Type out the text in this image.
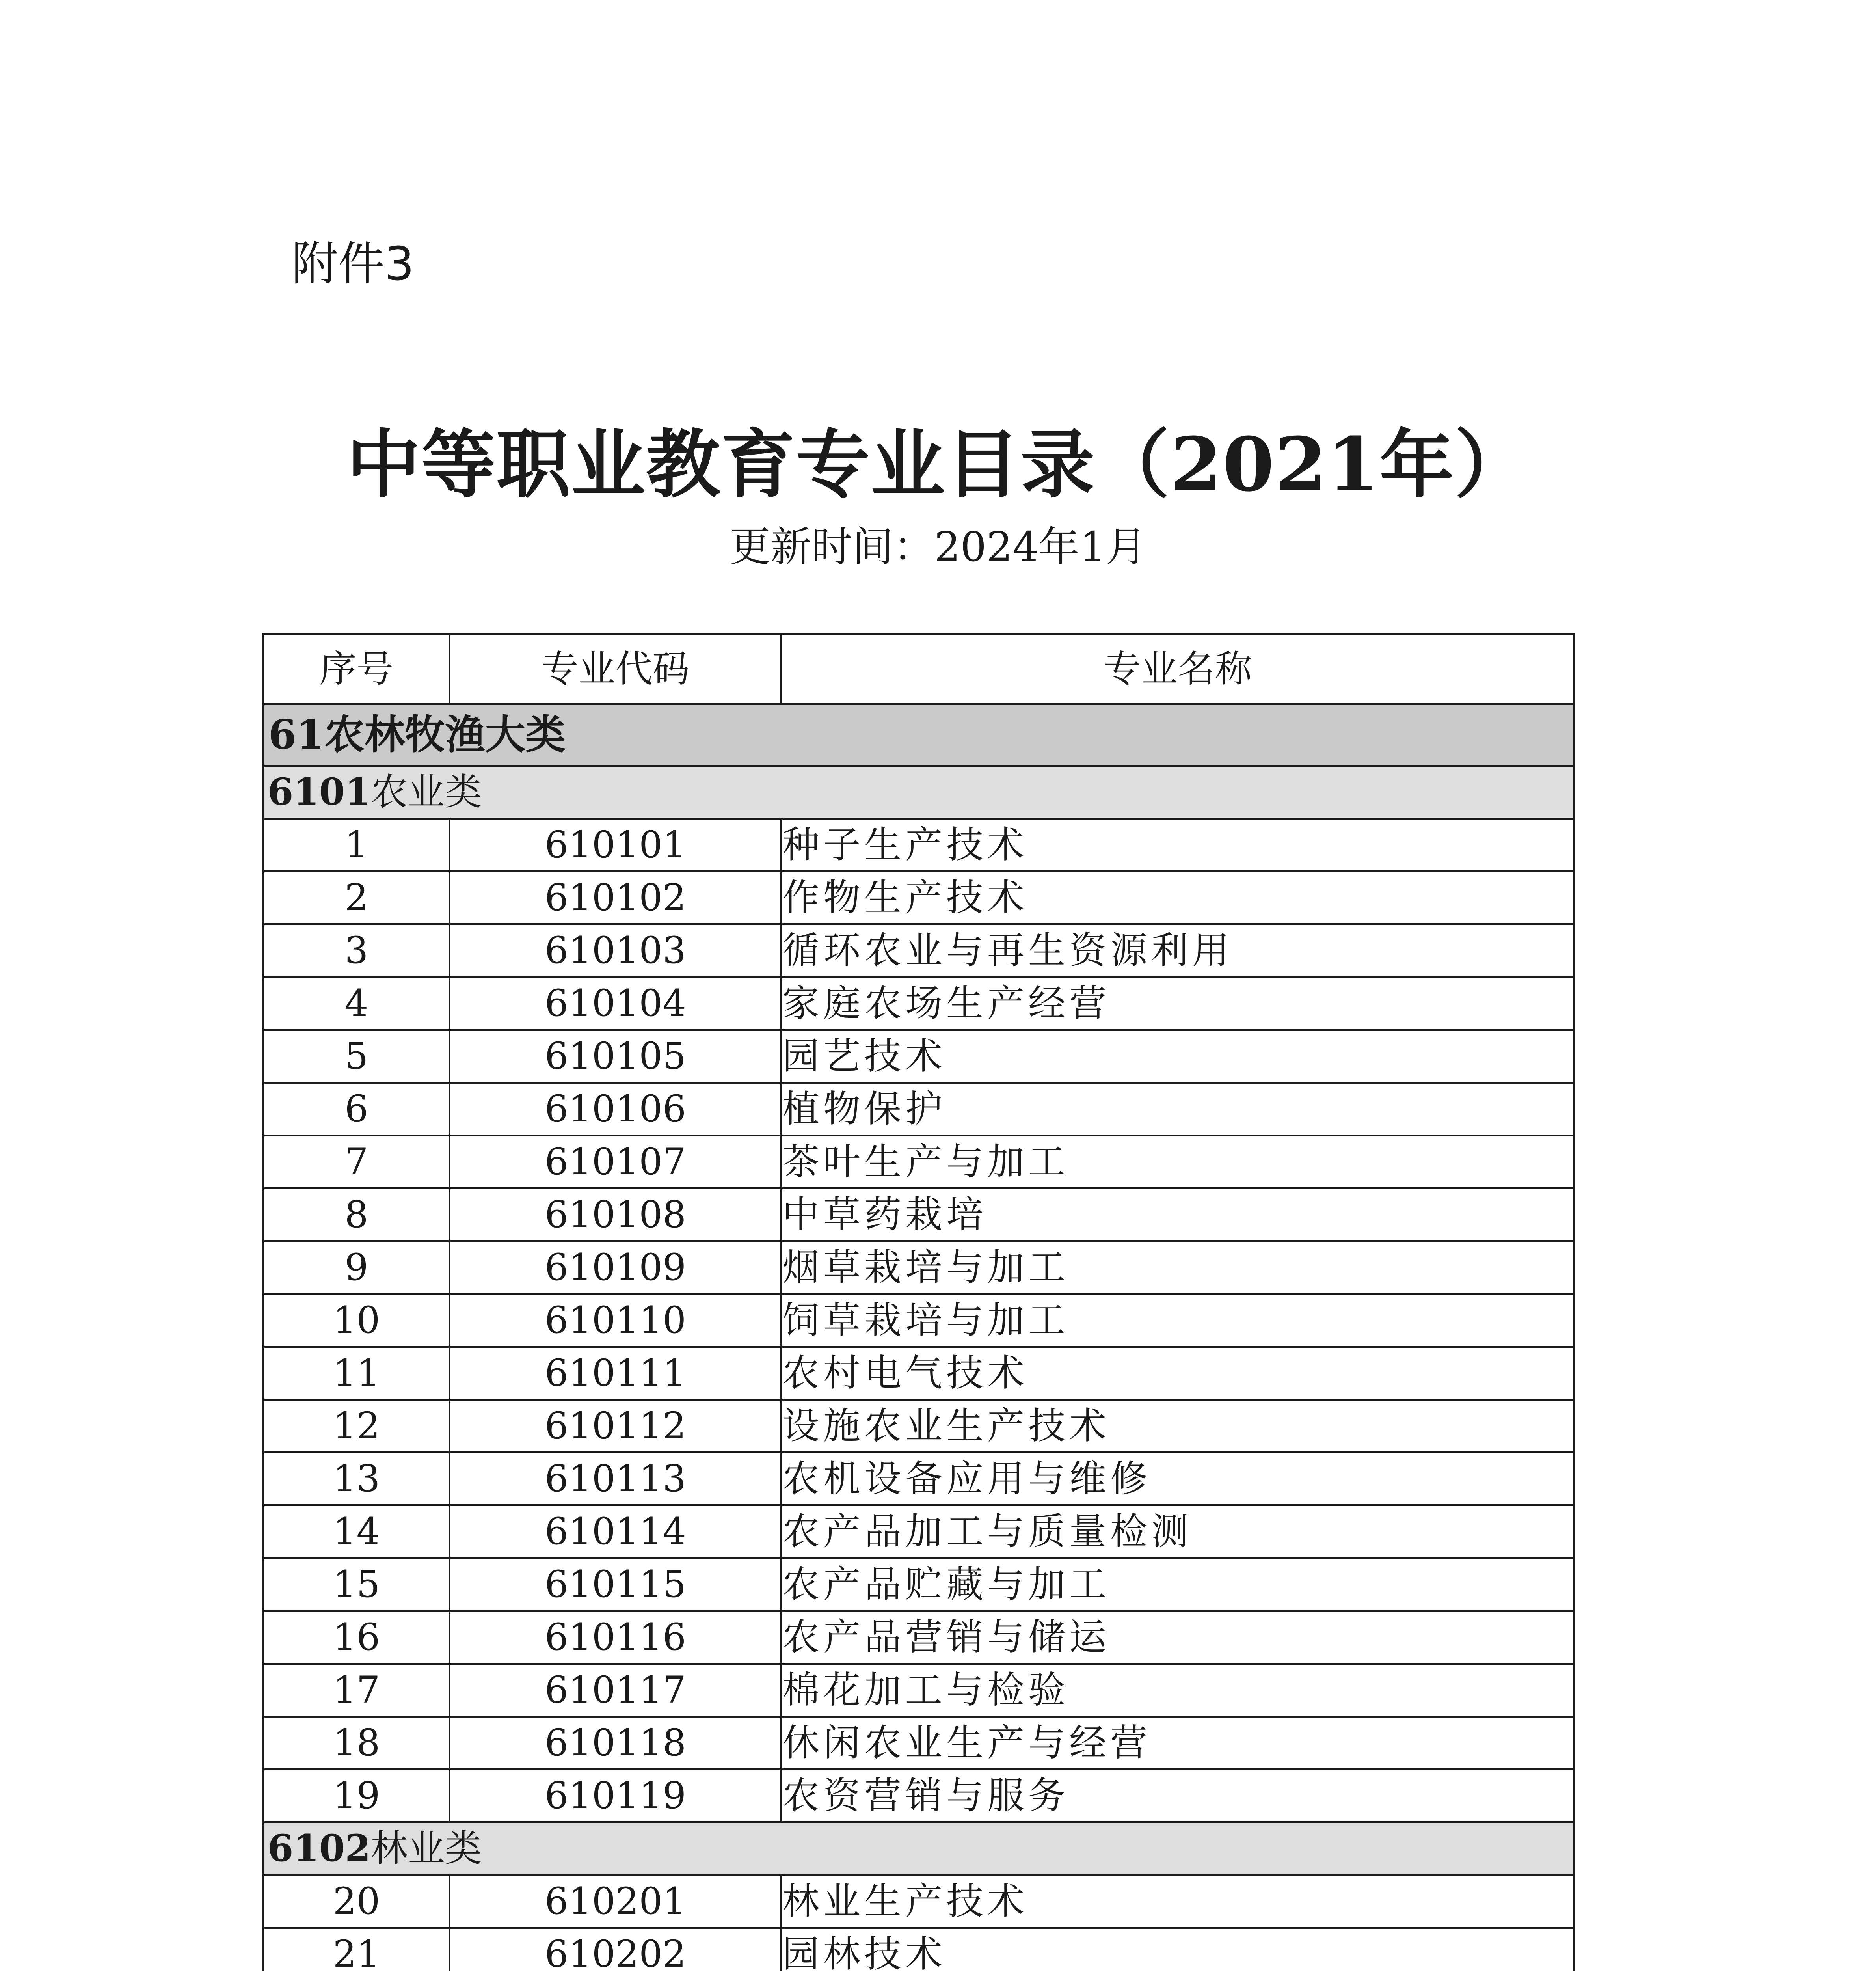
附件3
中等职业教育专业目录（2021年）
更新时间：2024年1月
序号	专业代码	专业名称
61农林牧渔大类		
6101农业类		
1	610101	种子生产技术
2	610102	作物生产技术
3	610103	循环农业与再生资源利用
4	610104	家庭农场生产经营
5	610105	园艺技术
6	610106	植物保护
7	610107	茶叶生产与加工
8	610108	中草药栽培
9	610109	烟草栽培与加工
10	610110	饲草栽培与加工
11	610111	农村电气技术
12	610112	设施农业生产技术
13	610113	农机设备应用与维修
14	610114	农产品加工与质量检测
15	610115	农产品贮藏与加工
16	610116	农产品营销与储运
17	610117	棉花加工与检验
18	610118	休闲农业生产与经营
19	610119	农资营销与服务
6102林业类		
20	610201	林业生产技术
21	610202	园林技术
